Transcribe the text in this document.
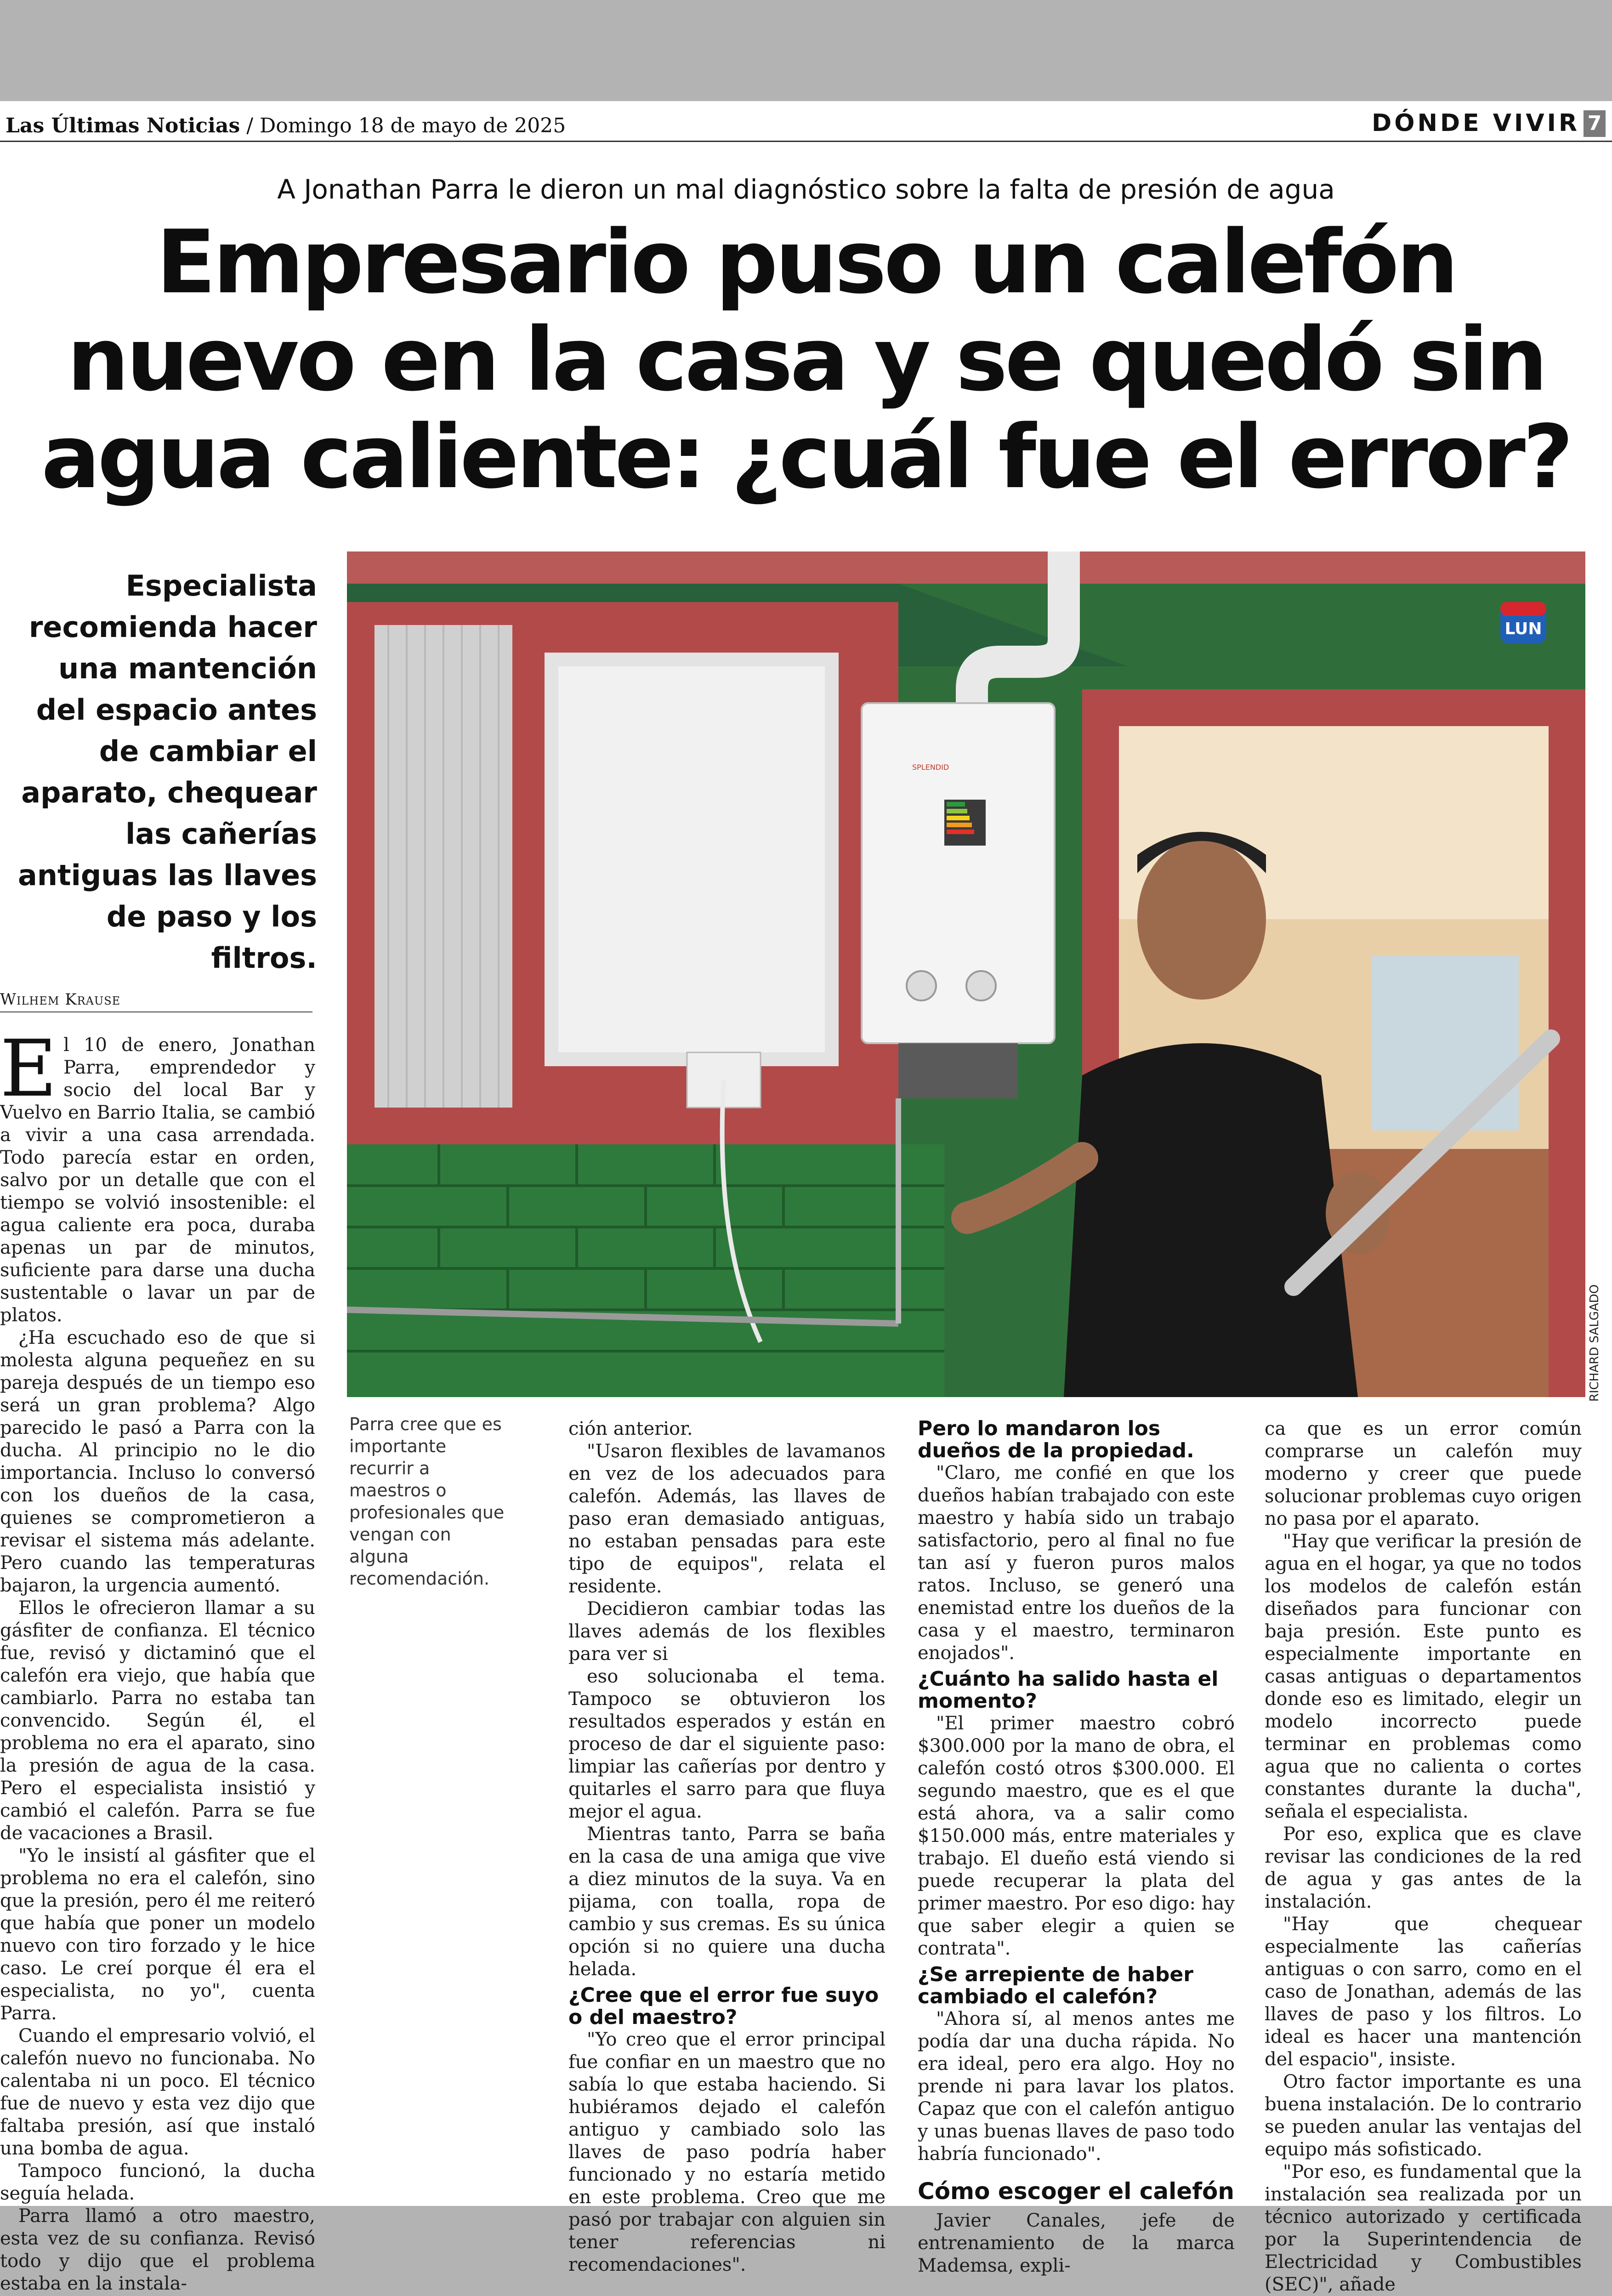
Las Últimas Noticias / Domingo 18 de mayo de 2025	DÓNDE VIVIR 7
A Jonathan Parra le dieron un mal diagnóstico sobre la falta de presión de agua
Empresario puso un calefón nuevo en la casa y se quedó sin agua caliente: ¿cuál fue el error?
Especialista recomienda hacer una mantención del espacio antes de cambiar el aparato, chequear las cañerías antiguas las llaves de paso y los filtros.
LUN
SPLENDID
RICHARD SALGADO
Wilhem Krause

El 10 de enero, Jonathan Parra, emprendedor y socio del local Bar y Vuelvo en Barrio Italia, se cambió a vivir a una casa arrendada. Todo parecía estar en orden, salvo por un detalle que con el tiempo se volvió insostenible: el agua caliente era poca, duraba apenas un par de minutos, suficiente para darse una ducha sustentable o lavar un par de platos.

¿Ha escuchado eso de que si molesta alguna pequeñez en su pareja después de un tiempo eso será un gran problema? Algo parecido le pasó a Parra con la ducha. Al principio no le dio importancia. Incluso lo conversó con los dueños de la casa, quienes se comprometieron a revisar el sistema más adelante. Pero cuando las temperaturas bajaron, la urgencia aumentó.

Ellos le ofrecieron llamar a su gásfiter de confianza. El técnico fue, revisó y dictaminó que el calefón era viejo, que había que cambiarlo. Parra no estaba tan convencido. Según él, el problema no era el aparato, sino la presión de agua de la casa. Pero el especialista insistió y cambió el calefón. Parra se fue de vacaciones a Brasil.

"Yo le insistí al gásfiter que el problema no era el calefón, sino que la presión, pero él me reiteró que había que poner un modelo nuevo con tiro forzado y le hice caso. Le creí porque él era el especialista, no yo", cuenta Parra.

Cuando el empresario volvió, el calefón nuevo no funcionaba. No calentaba ni un poco. El técnico fue de nuevo y esta vez dijo que faltaba presión, así que instaló una bomba de agua.

Tampoco funcionó, la ducha seguía helada.

Parra llamó a otro maestro, esta vez de su confianza. Revisó todo y dijo que el problema estaba en la instala-

Parra cree que es importante recurrir a maestros o profesionales que vengan con alguna recomendación.

ción anterior.

"Usaron flexibles de lavamanos en vez de los adecuados para calefón. Además, las llaves de paso eran demasiado antiguas, no estaban pensadas para este tipo de equipos", relata el residente.

Decidieron cambiar todas las llaves además de los flexibles para ver si

eso solucionaba el tema. Tampoco se obtuvieron los resultados esperados y están en proceso de dar el siguiente paso: limpiar las cañerías por dentro y quitarles el sarro para que fluya mejor el agua.

Mientras tanto, Parra se baña en la casa de una amiga que vive a diez minutos de la suya. Va en pijama, con toalla, ropa de cambio y sus cremas. Es su única opción si no quiere una ducha helada.

¿Cree que el error fue suyo o del maestro?

"Yo creo que el error principal fue confiar en un maestro que no sabía lo que estaba haciendo. Si hubiéramos dejado el calefón antiguo y cambiado solo las llaves de paso podría haber funcionado y no estaría metido en este problema. Creo que me pasó por trabajar con alguien sin tener referencias ni recomendaciones".

Pero lo mandaron los dueños de la propiedad.

"Claro, me confié en que los dueños habían trabajado con este maestro y había sido un trabajo satisfactorio, pero al final no fue tan así y fueron puros malos ratos. Incluso, se generó una enemistad entre los dueños de la casa y el maestro, terminaron enojados".

¿Cuánto ha salido hasta el momento?

"El primer maestro cobró $300.000 por la mano de obra, el calefón costó otros $300.000. El segundo maestro, que es el que está ahora, va a salir como $150.000 más, entre materiales y trabajo. El dueño está viendo si puede recuperar la plata del primer maestro. Por eso digo: hay que saber elegir a quien se contrata".

¿Se arrepiente de haber cambiado el calefón?

"Ahora sí, al menos antes me podía dar una ducha rápida. No era ideal, pero era algo. Hoy no prende ni para lavar los platos. Capaz que con el calefón antiguo y unas buenas llaves de paso todo habría funcionado".

Cómo escoger el calefón

Javier Canales, jefe de entrenamiento de la marca Mademsa, expli-

ca que es un error común comprarse un calefón muy moderno y creer que puede solucionar problemas cuyo origen no pasa por el aparato.

"Hay que verificar la presión de agua en el hogar, ya que no todos los modelos de calefón están diseñados para funcionar con baja presión. Este punto es especialmente importante en casas antiguas o departamentos donde eso es limitado, elegir un modelo incorrecto puede terminar en problemas como agua que no calienta o cortes constantes durante la ducha", señala el especialista.

Por eso, explica que es clave revisar las condiciones de la red de agua y gas antes de la instalación.

"Hay que chequear especialmente las cañerías antiguas o con sarro, como en el caso de Jonathan, además de las llaves de paso y los filtros. Lo ideal es hacer una mantención del espacio", insiste.

Otro factor importante es una buena instalación. De lo contrario se pueden anular las ventajas del equipo más sofisticado.

"Por eso, es fundamental que la instalación sea realizada por un técnico autorizado y certificada por la Superintendencia de Electricidad y Combustibles (SEC)", añade
